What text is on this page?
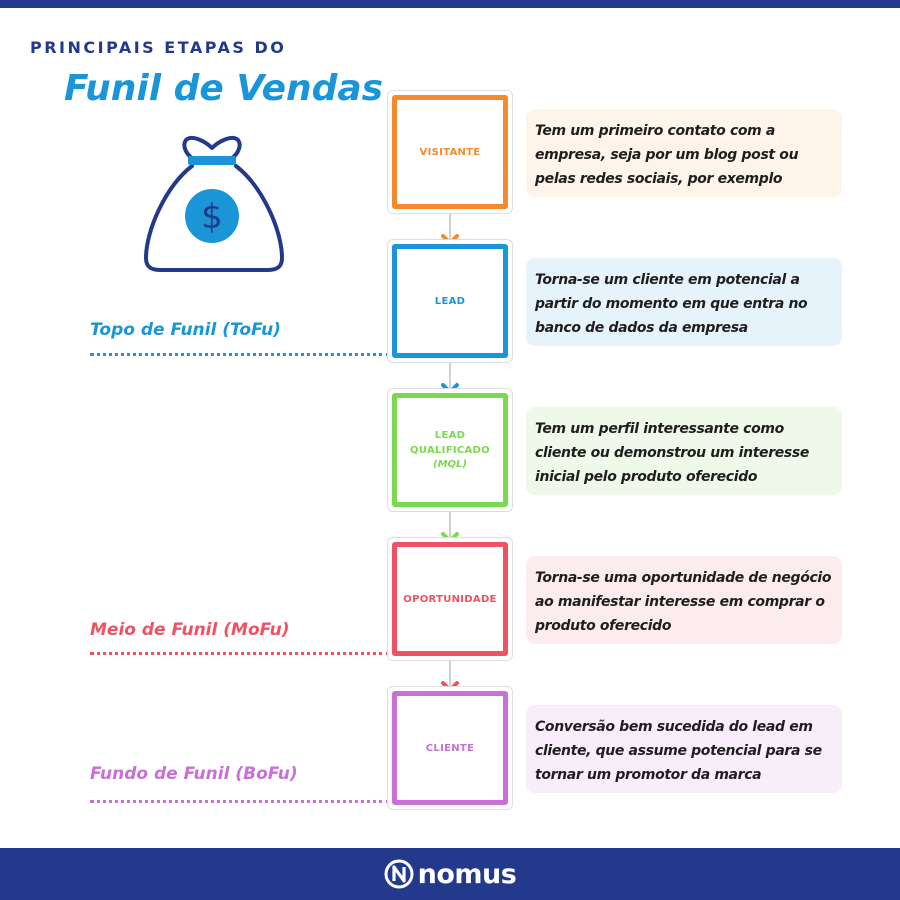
PRINCIPAIS ETAPAS DO
Funil de Vendas
$
Topo de Funil (ToFu)
Meio de Funil (MoFu)
Fundo de Funil (BoFu)
VISITANTE
Tem um primeiro contato com a empresa, seja por um blog post ou pelas redes sociais, por exemplo
LEAD
Torna-se um cliente em potencial a partir do momento em que entra no banco de dados da empresa
LEAD QUALIFICADO
(MQL)
Tem um perfil interessante como cliente ou demonstrou um interesse inicial pelo produto oferecido
OPORTUNIDADE
Torna-se uma oportunidade de negócio ao manifestar interesse em comprar o produto oferecido
CLIENTE
Conversão bem sucedida do lead em cliente, que assume potencial para se tornar um promotor da marca
nomus
